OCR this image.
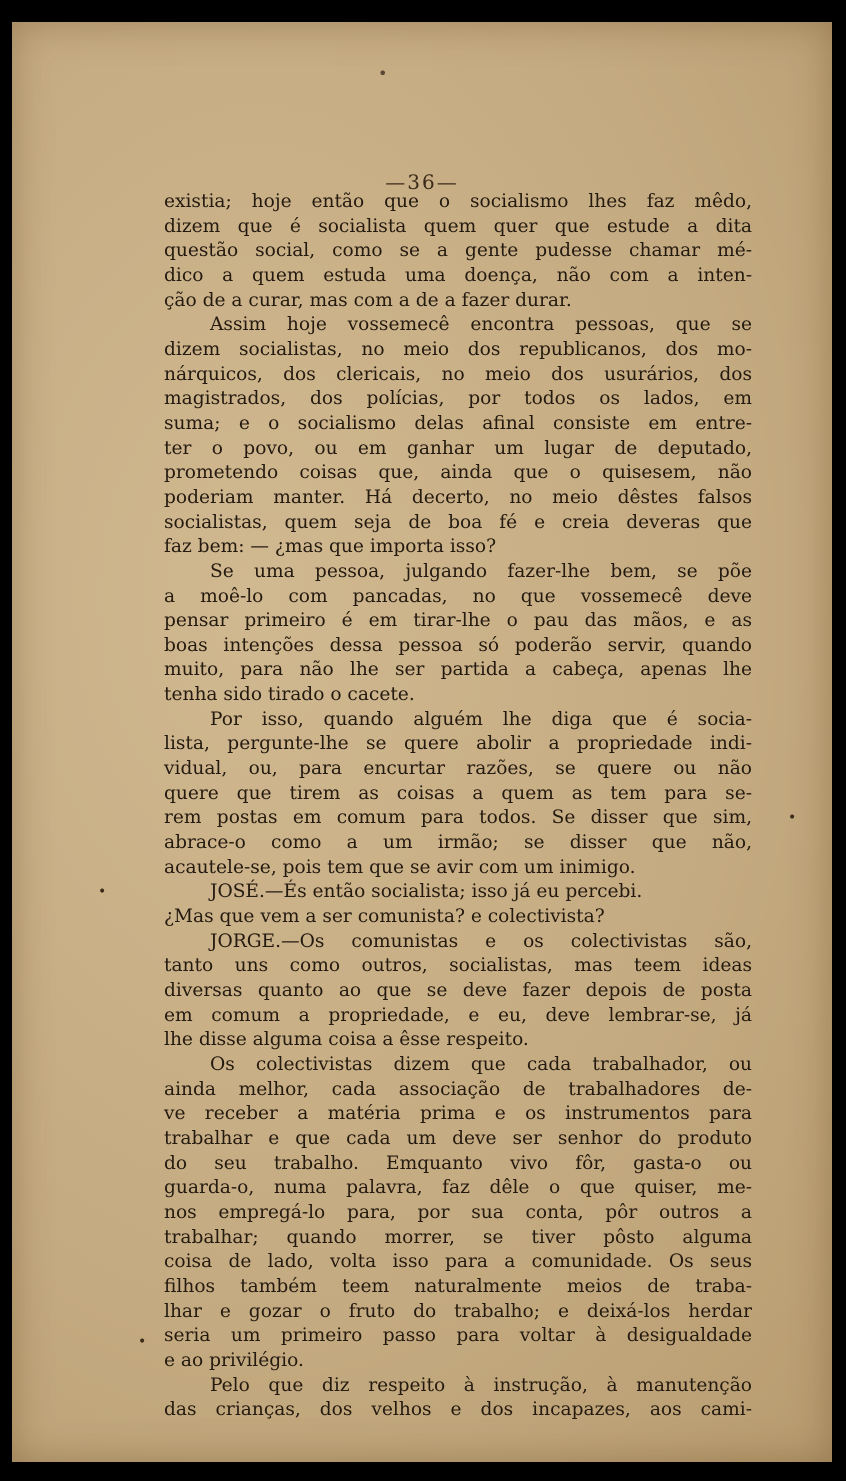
•
—36—
existia; hoje então que o socialismo lhes faz mêdo,
dizem que é socialista quem quer que estude a dita
questão social, como se a gente pudesse chamar mé-
dico a quem estuda uma doença, não com a inten-
ção de a curar, mas com a de a fazer durar.
Assim hoje vossemecê encontra pessoas, que se
dizem socialistas, no meio dos republicanos, dos mo-
nárquicos, dos clericais, no meio dos usurários, dos
magistrados, dos polícias, por todos os lados, em
suma; e o socialismo delas afinal consiste em entre-
ter o povo, ou em ganhar um lugar de deputado,
prometendo coisas que, ainda que o quisesem, não
poderiam manter. Há decerto, no meio dêstes falsos
socialistas, quem seja de boa fé e creia deveras que
faz bem: — ¿mas que importa isso?
Se uma pessoa, julgando fazer-lhe bem, se põe
a moê-lo com pancadas, no que vossemecê deve
pensar primeiro é em tirar-lhe o pau das mãos, e as
boas intenções dessa pessoa só poderão servir, quando
muito, para não lhe ser partida a cabeça, apenas lhe
tenha sido tirado o cacete.
Por isso, quando alguém lhe diga que é socia-
lista, pergunte-lhe se quere abolir a propriedade indi-
vidual, ou, para encurtar razões, se quere ou não
quere que tirem as coisas a quem as tem para se-
rem postas em comum para todos. Se disser que sim,
abrace-o como a um irmão; se disser que não,
acautele-se, pois tem que se avir com um inimigo.
JOSÉ.—És então socialista; isso já eu percebi.
¿Mas que vem a ser comunista? e colectivista?
JORGE.—Os comunistas e os colectivistas são,
tanto uns como outros, socialistas, mas teem ideas
diversas quanto ao que se deve fazer depois de posta
em comum a propriedade, e eu, deve lembrar-se, já
lhe disse alguma coisa a êsse respeito.
Os colectivistas dizem que cada trabalhador, ou
ainda melhor, cada associação de trabalhadores de-
ve receber a matéria prima e os instrumentos para
trabalhar e que cada um deve ser senhor do produto
do seu trabalho. Emquanto vivo fôr, gasta-o ou
guarda-o, numa palavra, faz dêle o que quiser, me-
nos empregá-lo para, por sua conta, pôr outros a
trabalhar; quando morrer, se tiver pôsto alguma
coisa de lado, volta isso para a comunidade. Os seus
filhos também teem naturalmente meios de traba-
lhar e gozar o fruto do trabalho; e deixá-los herdar
seria um primeiro passo para voltar à desigualdade
e ao privilégio.
Pelo que diz respeito à instrução, à manutenção
das crianças, dos velhos e dos incapazes, aos cami-
•
•
•
